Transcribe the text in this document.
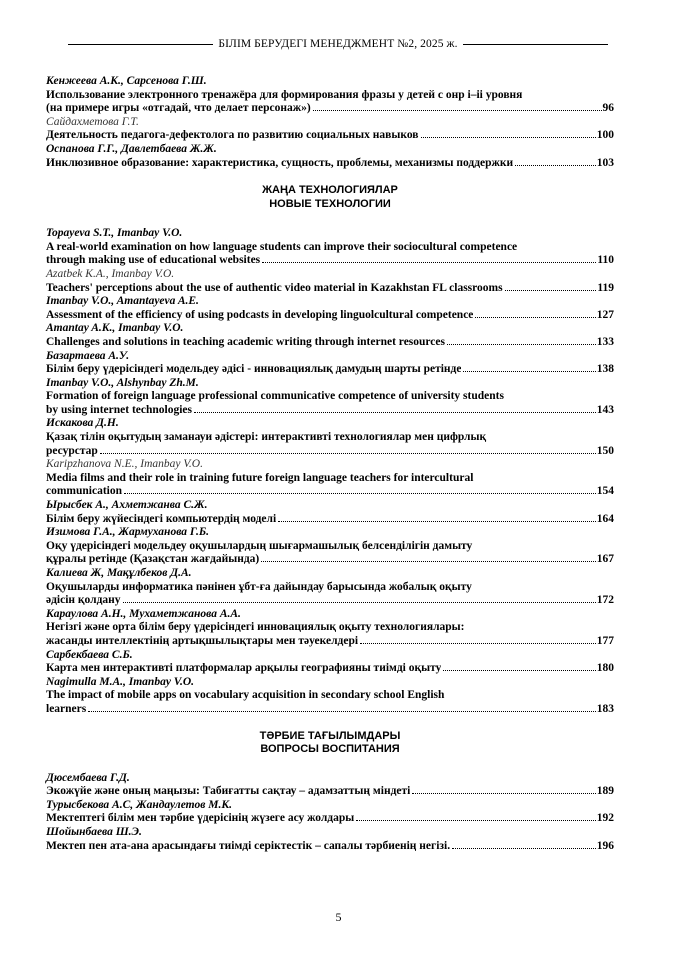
БІЛІМ БЕРУДЕГІ МЕНЕДЖМЕНТ №2, 2025 ж.
Кенжеева А.К., Сарсенова Г.Ш.
Использование электронного тренажёра для формирования фразы у детей с онр i–ii уровня
(на примере игры «отгадай, что делает персонаж»)	96
Сайдахметова Г.Т.
Деятельность педагога-дефектолога по развитию социальных навыков	100
Оспанова Г.Г., Давлетбаева Ж.Ж.
Инклюзивное образование: характеристика, сущность, проблемы, механизмы поддержки	103
ЖАҢА ТЕХНОЛОГИЯЛАР
НОВЫЕ ТЕХНОЛОГИИ
Topayeva S.T., Imanbay V.O.
A real-world examination on how language students can improve their sociocultural competence
through making use of educational websites	110
Azatbek K.A., Imanbay V.O.
Teachers' perceptions about the use of authentic video material in Kazakhstan FL classrooms	119
Imanbay V.O., Amantayeva A.E.
Assessment of the efficiency of using podcasts in developing linguolcultural competence	127
Amantay A.K., Imanbay V.O.
Challenges and solutions in teaching academic writing through internet resources	133
Базартаева А.У.
Білім беру үдерісіндегі модельдеу әдісі - инновациялық дамудың шарты ретінде	138
Imanbay V.O., Alshynbay Zh.M.
Formation of foreign language professional communicative competence of university students
by using internet technologies	143
Искакова Д.Н.
Қазақ тілін оқытудың заманауи әдістері: интерактивті технологиялар мен цифрлық
ресурстар	150
Karipzhanova N.E., Imanbay V.O.
Media films and their role in training future foreign language teachers for intercultural
communication	154
Ырысбек А., Ахметжанва С.Ж.
Білім беру жүйесіндегі компьютердің моделі	164
Изимова Г.А., Жармуханова Г.Б.
Оқу үдерісіндегі модельдеу оқушылардың шығармашылық белсенділігін дамыту
құралы ретінде (Қазақстан жағдайында)	167
Калиева Ж, Мақұлбеков Д.А.
Оқушыларды информатика пәнінен ұбт-ға дайындау барысында жобалық оқыту
әдісін қолдану	172
Караулова А.Н., Мухаметжанова А.А.
Негізгі және орта білім беру үдерісіндегі инновациялық оқыту технологиялары:
жасанды интеллектінің артықшылықтары мен тәуекелдері	177
Сарбекбаева С.Б.
Карта мен интерактивті платформалар арқылы географияны тиімді оқыту	180
Nagimulla M.A., Imanbay V.O.
The impact of mobile apps on vocabulary acquisition in secondary school English
learners	183
ТӘРБИЕ ТАҒЫЛЫМДАРЫ
ВОПРОСЫ ВОСПИТАНИЯ
Дюсембаева Г.Д.
Экожүйе және оның маңызы: Табиғатты сақтау – адамзаттың міндеті	189
Турысбекова А.С, Жандаулетов М.К.
Мектептегі білім мен тәрбие үдерісінің жүзеге асу жолдары	192
Шойынбаева Ш.Э.
Мектеп пен ата-ана арасындағы тиімді серіктестік – сапалы тәрбиенің негізі.	196
5
